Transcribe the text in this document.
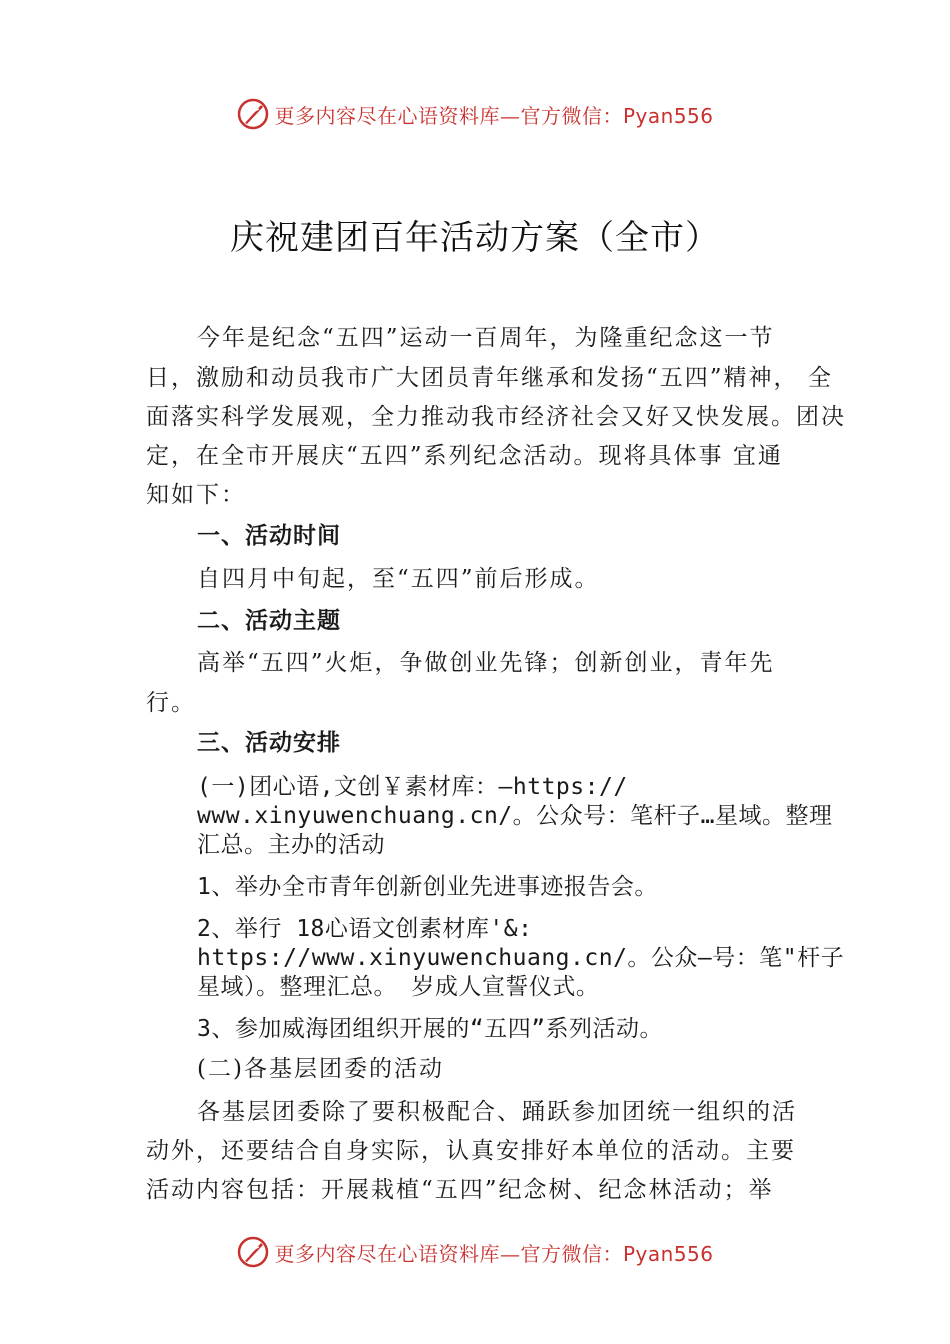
更多内容尽在心语资料库—官方微信：Pyan556
庆祝建团百年活动方案（全市）
今年是纪念“五四”运动一百周年，为隆重纪念这一节
日，激励和动员我市广大团员青年继承和发扬“五四”精神， 全
面落实科学发展观，全力推动我市经济社会又好又快发展。团决
定，在全市开展庆“五四”系列纪念活动。现将具体事 宜通
知如下：
一、活动时间
自四月中旬起，至“五四”前后形成。
二、活动主题
高举“五四”火炬，争做创业先锋；创新创业，青年先
行。
三、活动安排
(一)团心语,文创￥素材库：—https://
www.xinyuwenchuang.cn/。公众号：笔杆子…星域。整理
汇总。主办的活动
1、举办全市青年创新创业先进事迹报告会。
2、举行 18心语文创素材库'&:
https://www.xinyuwenchuang.cn/。公众—号：笔"杆子
星域）。整理汇总。 岁成人宣誓仪式。
3、参加威海团组织开展的“五四”系列活动。
(二)各基层团委的活动
各基层团委除了要积极配合、踊跃参加团统一组织的活
动外，还要结合自身实际，认真安排好本单位的活动。主要
活动内容包括：开展栽植“五四”纪念树、纪念林活动；举
更多内容尽在心语资料库—官方微信：Pyan556
